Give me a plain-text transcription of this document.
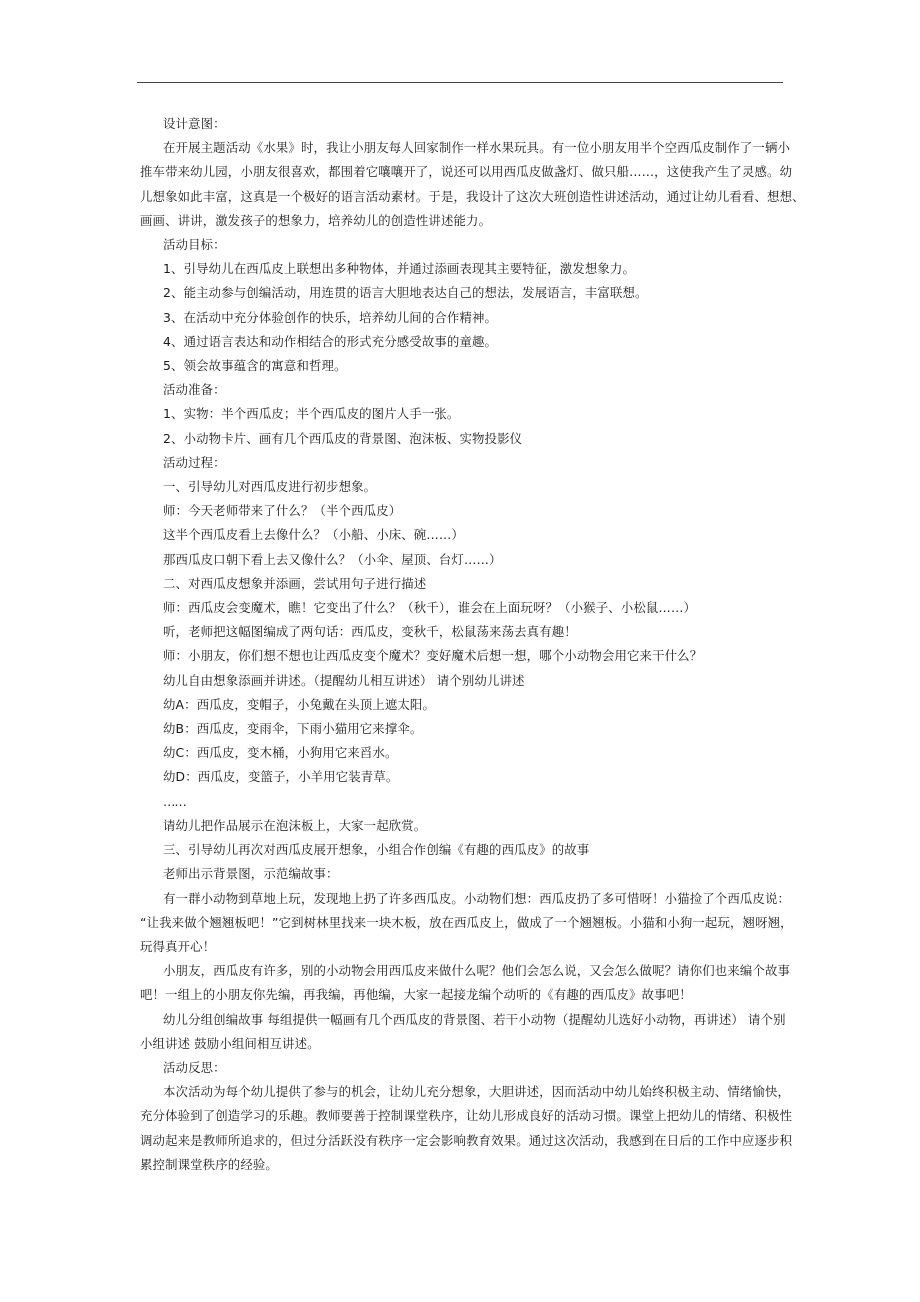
设计意图：
在开展主题活动《水果》时，我让小朋友每人回家制作一样水果玩具。有一位小朋友用半个空西瓜皮制作了一辆小
推车带来幼儿园，小朋友很喜欢，都围着它嚷嚷开了，说还可以用西瓜皮做盏灯、做只船……，这使我产生了灵感。幼
儿想象如此丰富，这真是一个极好的语言活动素材。于是，我设计了这次大班创造性讲述活动，通过让幼儿看看、想想、
画画、讲讲，激发孩子的想象力，培养幼儿的创造性讲述能力。
活动目标：
1、引导幼儿在西瓜皮上联想出多种物体，并通过添画表现其主要特征，激发想象力。
2、能主动参与创编活动，用连贯的语言大胆地表达自己的想法，发展语言，丰富联想。
3、在活动中充分体验创作的快乐，培养幼儿间的合作精神。
4、通过语言表达和动作相结合的形式充分感受故事的童趣。
5、领会故事蕴含的寓意和哲理。
活动准备：
1、实物：半个西瓜皮；半个西瓜皮的图片人手一张。
2、小动物卡片、画有几个西瓜皮的背景图、泡沫板、实物投影仪
活动过程：
一、引导幼儿对西瓜皮进行初步想象。
师：今天老师带来了什么？（半个西瓜皮）
这半个西瓜皮看上去像什么？（小船、小床、碗……）
那西瓜皮口朝下看上去又像什么？（小伞、屋顶、台灯……）
二、对西瓜皮想象并添画，尝试用句子进行描述
师：西瓜皮会变魔术，瞧！它变出了什么？（秋千），谁会在上面玩呀？（小猴子、小松鼠……）
听，老师把这幅图编成了两句话：西瓜皮，变秋千，松鼠荡来荡去真有趣！
师：小朋友，你们想不想也让西瓜皮变个魔术？变好魔术后想一想，哪个小动物会用它来干什么？
幼儿自由想象添画并讲述。（提醒幼儿相互讲述） 请个别幼儿讲述
幼A：西瓜皮，变帽子，小兔戴在头顶上遮太阳。
幼B：西瓜皮，变雨伞，下雨小猫用它来撑伞。
幼C：西瓜皮，变木桶，小狗用它来舀水。
幼D：西瓜皮，变篮子，小羊用它装青草。
……
请幼儿把作品展示在泡沫板上，大家一起欣赏。
三、引导幼儿再次对西瓜皮展开想象，小组合作创编《有趣的西瓜皮》的故事
老师出示背景图，示范编故事：
有一群小动物到草地上玩，发现地上扔了许多西瓜皮。小动物们想：西瓜皮扔了多可惜呀！小猫捡了个西瓜皮说：
“让我来做个翘翘板吧！”它到树林里找来一块木板，放在西瓜皮上，做成了一个翘翘板。小猫和小狗一起玩，翘呀翘，
玩得真开心！
小朋友，西瓜皮有许多，别的小动物会用西瓜皮来做什么呢？他们会怎么说，又会怎么做呢？请你们也来编个故事
吧！一组上的小朋友你先编，再我编，再他编，大家一起接龙编个动听的《有趣的西瓜皮》故事吧！
幼儿分组创编故事 每组提供一幅画有几个西瓜皮的背景图、若干小动物（提醒幼儿选好小动物，再讲述） 请个别
小组讲述 鼓励小组间相互讲述。
活动反思：
本次活动为每个幼儿提供了参与的机会，让幼儿充分想象，大胆讲述，因而活动中幼儿始终积极主动、情绪愉快，
充分体验到了创造学习的乐趣。教师要善于控制课堂秩序，让幼儿形成良好的活动习惯。课堂上把幼儿的情绪、积极性
调动起来是教师所追求的，但过分活跃没有秩序一定会影响教育效果。通过这次活动，我感到在日后的工作中应逐步积
累控制课堂秩序的经验。
